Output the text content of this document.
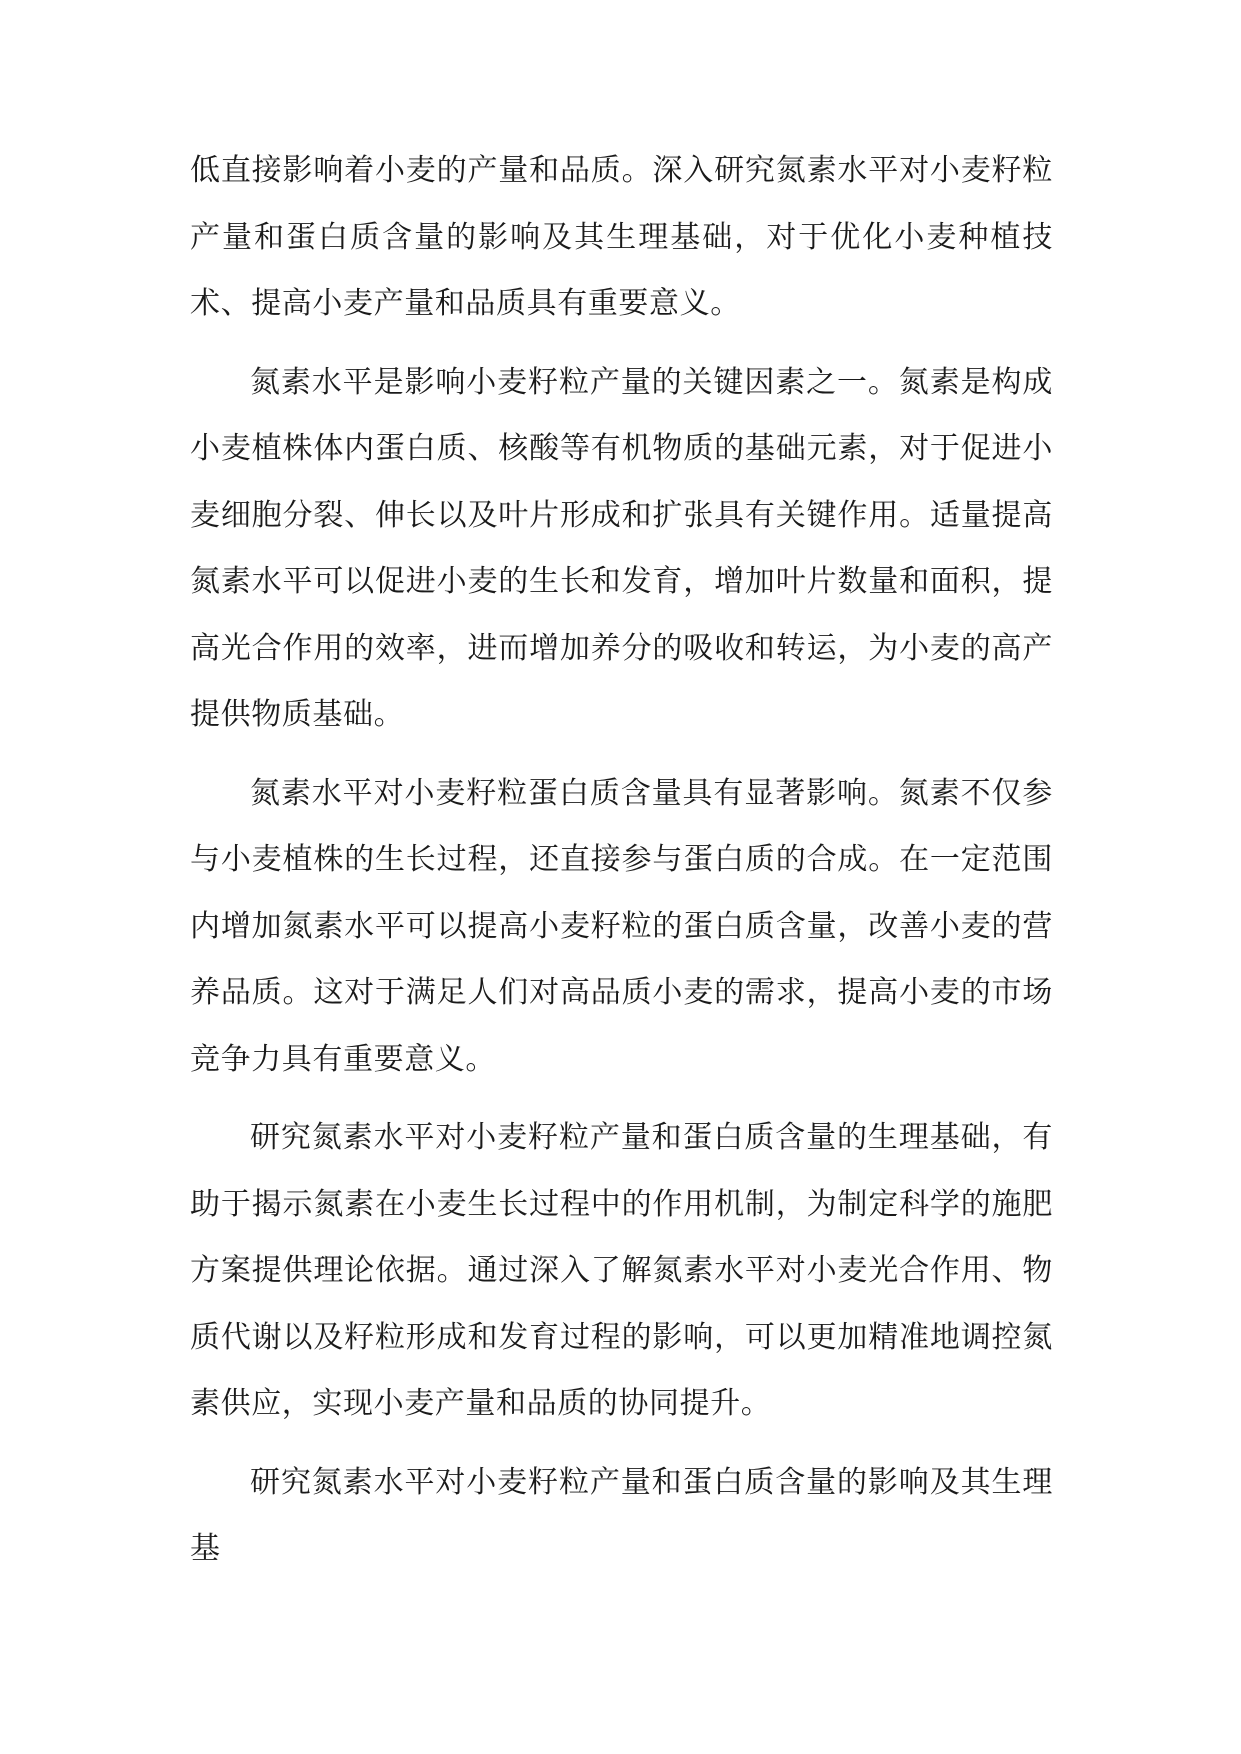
低直接影响着小麦的产量和品质。深入研究氮素水平对小麦籽粒产量和蛋白质含量的影响及其生理基础，对于优化小麦种植技术、提高小麦产量和品质具有重要意义。

氮素水平是影响小麦籽粒产量的关键因素之一。氮素是构成小麦植株体内蛋白质、核酸等有机物质的基础元素，对于促进小麦细胞分裂、伸长以及叶片形成和扩张具有关键作用。适量提高氮素水平可以促进小麦的生长和发育，增加叶片数量和面积，提高光合作用的效率，进而增加养分的吸收和转运，为小麦的高产提供物质基础。

氮素水平对小麦籽粒蛋白质含量具有显著影响。氮素不仅参与小麦植株的生长过程，还直接参与蛋白质的合成。在一定范围内增加氮素水平可以提高小麦籽粒的蛋白质含量，改善小麦的营养品质。这对于满足人们对高品质小麦的需求，提高小麦的市场竞争力具有重要意义。

研究氮素水平对小麦籽粒产量和蛋白质含量的生理基础，有助于揭示氮素在小麦生长过程中的作用机制，为制定科学的施肥方案提供理论依据。通过深入了解氮素水平对小麦光合作用、物质代谢以及籽粒形成和发育过程的影响，可以更加精准地调控氮素供应，实现小麦产量和品质的协同提升。

研究氮素水平对小麦籽粒产量和蛋白质含量的影响及其生理基
